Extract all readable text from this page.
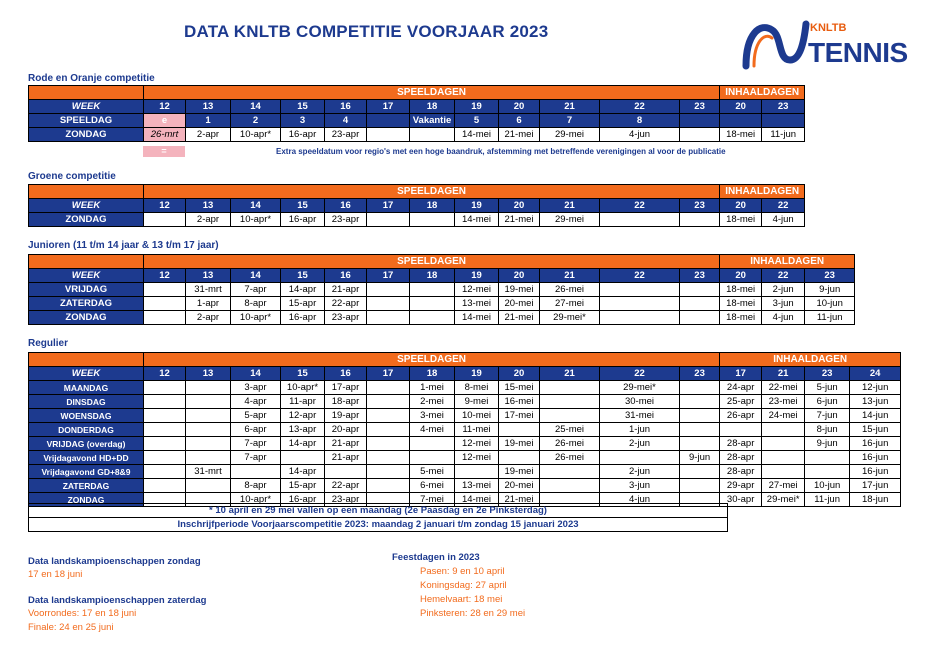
DATA KNLTB COMPETITIE VOORJAAR 2023	KNLTB
TENNIS
Rode en Oranje competitie
	SPEELDAGEN												INHAALDAGEN	
WEEK	12	13	14	15	16	17	18	19	20	21	22	23	20	23
SPEELDAG	e	1	2	3	4		Vakantie	5	6	7	8			
ZONDAG	26-mrt	2-apr	10-apr*	16-apr	23-apr			14-mei	21-mei	29-mei	4-jun		18-mei	11-jun
=	Extra speeldatum voor regio's met een hoge baandruk, afstemming met betreffende verenigingen al voor de publicatie
Groene competitie
	SPEELDAGEN												INHAALDAGEN	
WEEK	12	13	14	15	16	17	18	19	20	21	22	23	20	22
ZONDAG		2-apr	10-apr*	16-apr	23-apr			14-mei	21-mei	29-mei			18-mei	4-jun
Junioren (11 t/m 14 jaar & 13 t/m 17 jaar)
	SPEELDAGEN												INHAALDAGEN		
WEEK	12	13	14	15	16	17	18	19	20	21	22	23	20	22	23
VRIJDAG		31-mrt	7-apr	14-apr	21-apr			12-mei	19-mei	26-mei			18-mei	2-jun	9-jun
ZATERDAG		1-apr	8-apr	15-apr	22-apr			13-mei	20-mei	27-mei			18-mei	3-jun	10-jun
ZONDAG		2-apr	10-apr*	16-apr	23-apr			14-mei	21-mei	29-mei*			18-mei	4-jun	11-jun
Regulier
	SPEELDAGEN												INHAALDAGEN			
WEEK	12	13	14	15	16	17	18	19	20	21	22	23	17	21	23	24
MAANDAG			3-apr	10-apr*	17-apr		1-mei	8-mei	15-mei		29-mei*		24-apr	22-mei	5-jun	12-jun
DINSDAG			4-apr	11-apr	18-apr		2-mei	9-mei	16-mei		30-mei		25-apr	23-mei	6-jun	13-jun
WOENSDAG			5-apr	12-apr	19-apr		3-mei	10-mei	17-mei		31-mei		26-apr	24-mei	7-jun	14-jun
DONDERDAG			6-apr	13-apr	20-apr		4-mei	11-mei		25-mei	1-jun				8-jun	15-jun
VRIJDAG (overdag)			7-apr	14-apr	21-apr			12-mei	19-mei	26-mei	2-jun		28-apr		9-jun	16-jun
Vrijdagavond HD+DD			7-apr		21-apr			12-mei		26-mei		9-jun	28-apr			16-jun
Vrijdagavond GD+8&9		31-mrt		14-apr			5-mei		19-mei		2-jun		28-apr			16-jun
ZATERDAG			8-apr	15-apr	22-apr		6-mei	13-mei	20-mei		3-jun		29-apr	27-mei	10-jun	17-jun
ZONDAG			10-apr*	16-apr	23-apr		7-mei	14-mei	21-mei		4-jun		30-apr	29-mei*	11-jun	18-jun
* 10 april en 29 mei vallen op een maandag (2e Paasdag en 2e Pinksterdag)
Inschrijfperiode Voorjaarscompetitie 2023: maandag 2 januari t/m zondag 15 januari 2023
Data landskampioenschappen zondag
17 en 18 juni
Data landskampioenschappen zaterdag
Voorrondes: 17 en 18 juni
Finale: 24 en 25 juni
Feestdagen in 2023
Pasen: 9 en 10 april
Koningsdag: 27 april
Hemelvaart: 18 mei
Pinksteren: 28 en 29 mei
